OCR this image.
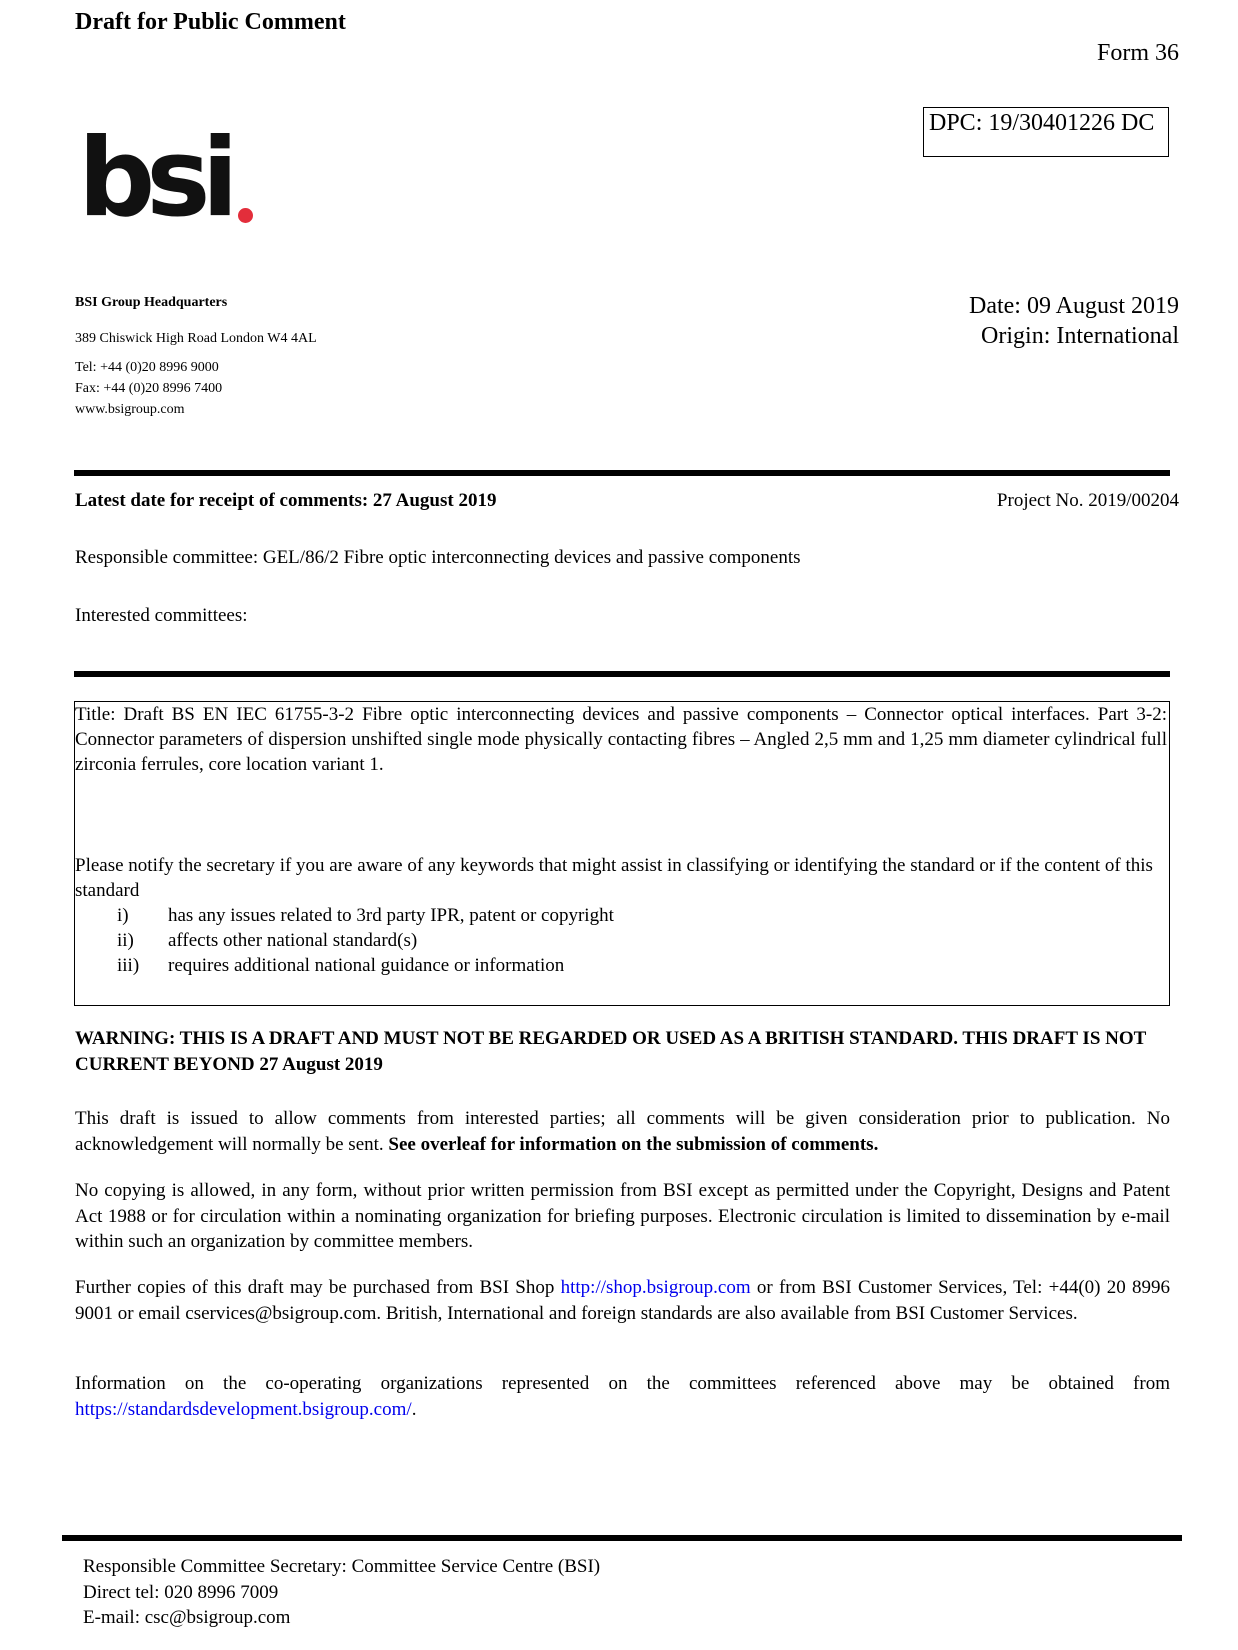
Draft for Public Comment
Form 36
DPC: 19/30401226 DC
bsi
BSI Group Headquarters
389 Chiswick High Road London W4 4AL
Tel: +44 (0)20 8996 9000
Fax: +44 (0)20 8996 7400
www.bsigroup.com
Date: 09 August 2019
Origin: International
Latest date for receipt of comments: 27 August 2019	Project No. 2019/00204
Responsible committee: GEL/86/2 Fibre optic interconnecting devices and passive components
Interested committees:
Title: Draft BS EN IEC 61755-3-2 Fibre optic interconnecting devices and passive components – Connector optical interfaces. Part 3-2: Connector parameters of dispersion unshifted single mode physically contacting fibres – Angled 2,5 mm and 1,25 mm diameter cylindrical full zirconia ferrules, core location variant 1.
Please notify the secretary if you are aware of any keywords that might assist in classifying or identifying the standard or if the content of this standard
i)	has any issues related to 3rd party IPR, patent or copyright
ii)	affects other national standard(s)
iii)	requires additional national guidance or information
WARNING: THIS IS A DRAFT AND MUST NOT BE REGARDED OR USED AS A BRITISH STANDARD. THIS DRAFT IS NOT CURRENT BEYOND 27 August 2019
This draft is issued to allow comments from interested parties; all comments will be given consideration prior to publication. No acknowledgement will normally be sent. See overleaf for information on the submission of comments.
No copying is allowed, in any form, without prior written permission from BSI except as permitted under the Copyright, Designs and Patent Act 1988 or for circulation within a nominating organization for briefing purposes. Electronic circulation is limited to dissemination by e-mail within such an organization by committee members.
Further copies of this draft may be purchased from BSI Shop http://shop.bsigroup.com or from BSI Customer Services, Tel: +44(0) 20 8996 9001 or email cservices@bsigroup.com. British, International and foreign standards are also available from BSI Customer Services.
Information on the co-operating organizations represented on the committees referenced above may be obtained from https://standardsdevelopment.bsigroup.com/.
Responsible Committee Secretary: Committee Service Centre (BSI)
Direct tel: 020 8996 7009
E-mail: csc@bsigroup.com
